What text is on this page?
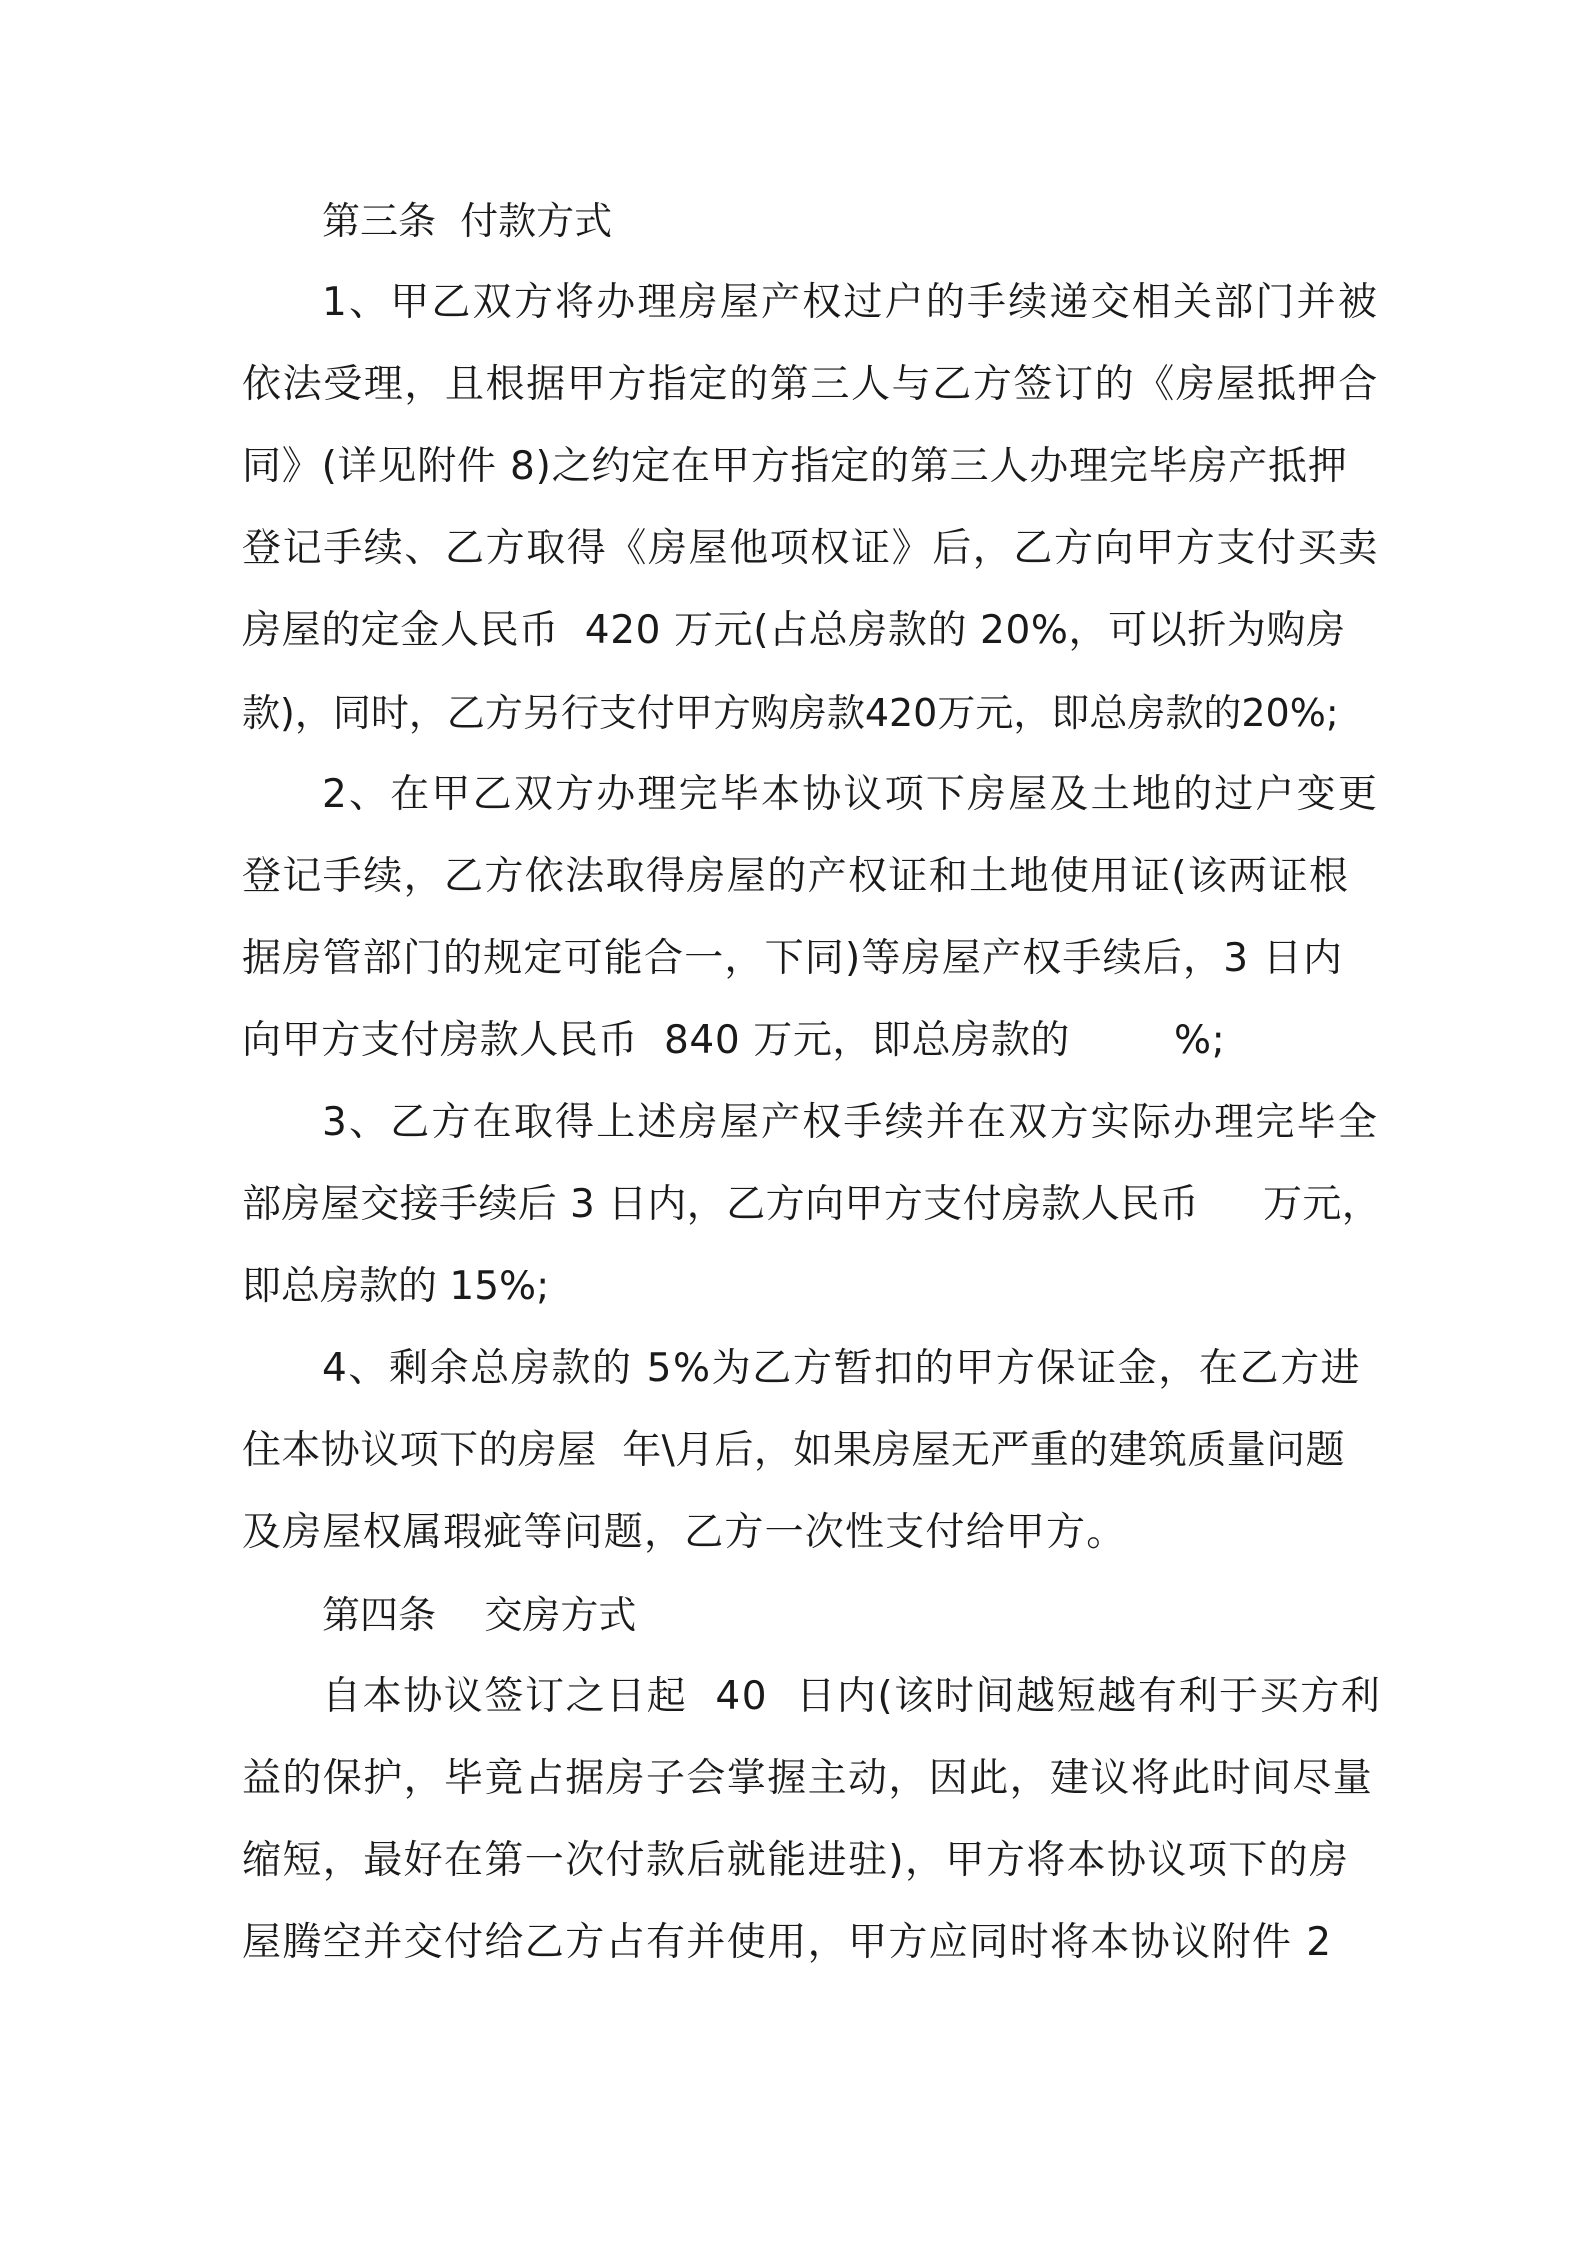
第三条  付款方式
1、甲乙双方将办理房屋产权过户的手续递交相关部门并被
依法受理，且根据甲方指定的第三人与乙方签订的《房屋抵押合
同》(详见附件 8)之约定在甲方指定的第三人办理完毕房产抵押
登记手续、乙方取得《房屋他项权证》后，乙方向甲方支付买卖
房屋的定金人民币  420 万元(占总房款的 20%，可以折为购房
款)，同时，乙方另行支付甲方购房款420万元，即总房款的20%;
2、在甲乙双方办理完毕本协议项下房屋及土地的过户变更
登记手续，乙方依法取得房屋的产权证和土地使用证(该两证根
据房管部门的规定可能合一，下同)等房屋产权手续后，3 日内
向甲方支付房款人民币  840 万元，即总房款的        %;
3、乙方在取得上述房屋产权手续并在双方实际办理完毕全
部房屋交接手续后 3 日内，乙方向甲方支付房款人民币     万元，
即总房款的 15%;
4、剩余总房款的 5%为乙方暂扣的甲方保证金，在乙方进
住本协议项下的房屋  年\月后，如果房屋无严重的建筑质量问题
及房屋权属瑕疵等问题，乙方一次性支付给甲方。
第四条    交房方式
自本协议签订之日起  40  日内(该时间越短越有利于买方利
益的保护，毕竟占据房子会掌握主动，因此，建议将此时间尽量
缩短，最好在第一次付款后就能进驻)，甲方将本协议项下的房
屋腾空并交付给乙方占有并使用，甲方应同时将本协议附件 2
